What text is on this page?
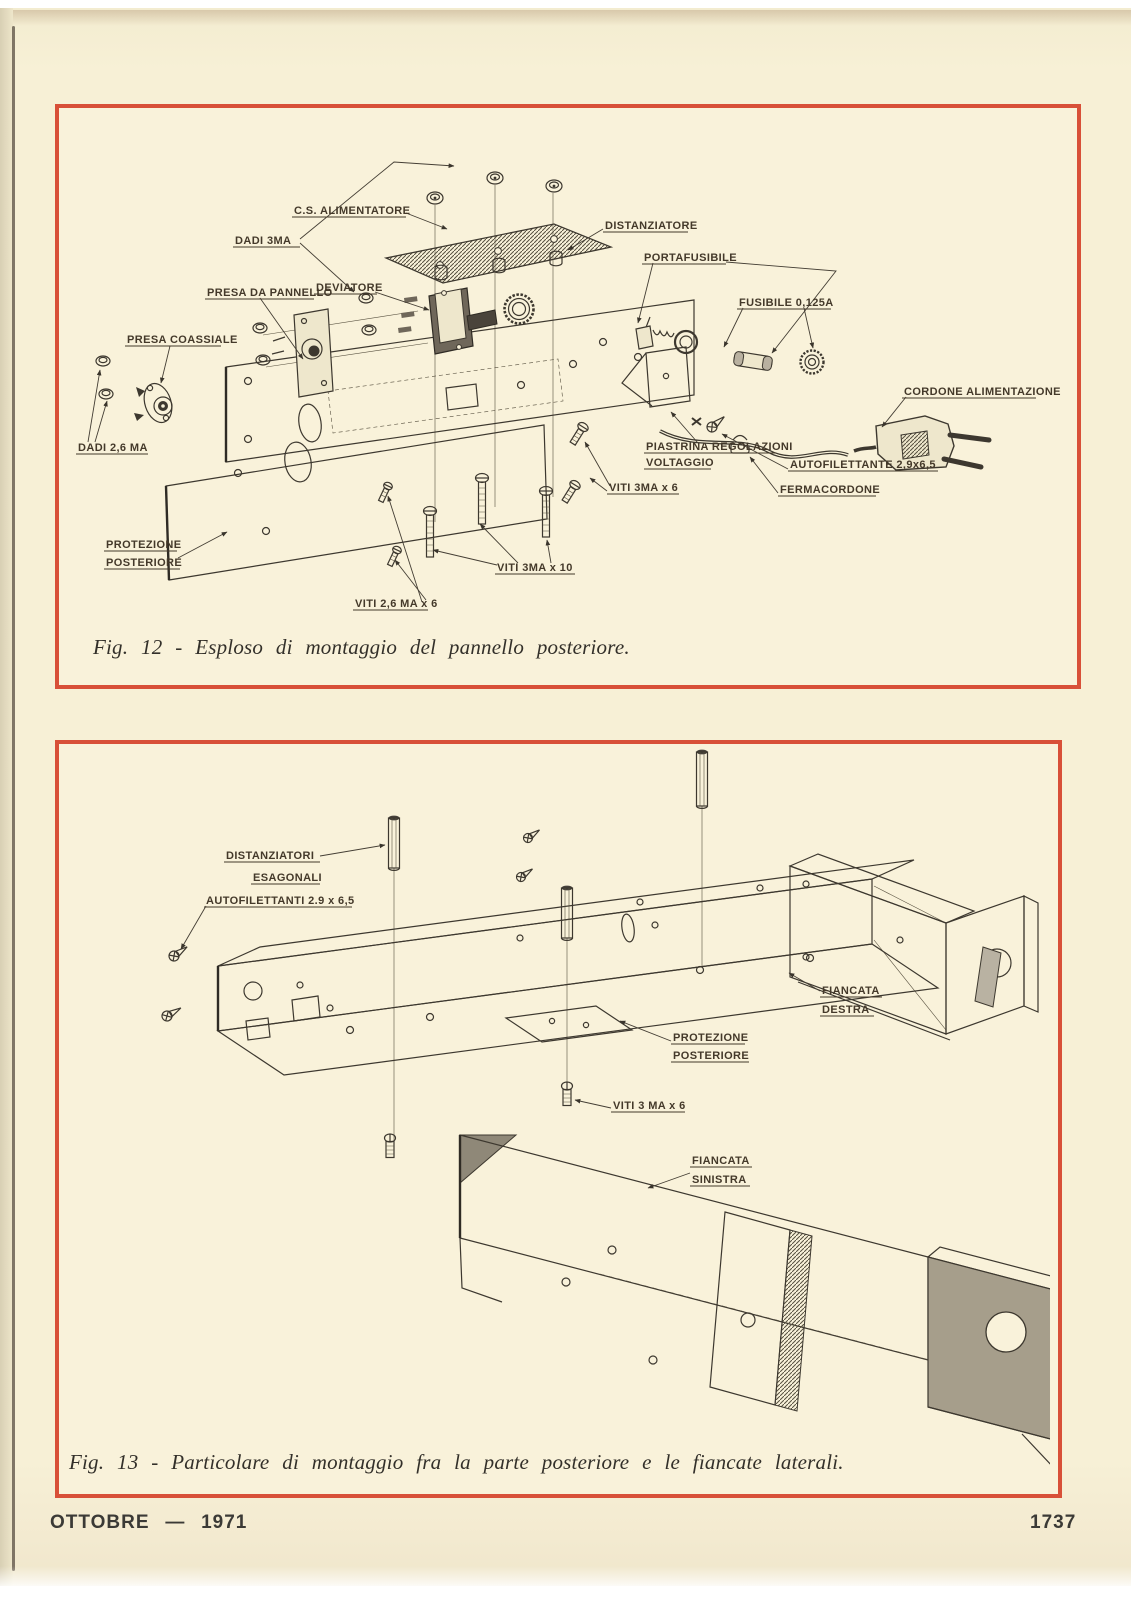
C.S. ALIMENTATORE
DADI 3MA
DISTANZIATORE
PORTAFUSIBILE
PRESA DA PANNELLO
DEVIATORE
FUSIBILE 0,125A
PRESA COASSIALE
CORDONE ALIMENTAZIONE
DADI 2,6 MA	PIASTRINA REGOLAZIONI
VOLTAGGIO	AUTOFILETTANTE 2,9x6,5
FERMACORDONE
VITI 3MA x 6
PROTEZIONE
POSTERIORE	VITI 3MA x 10
VITI 2,6 MA x 6
Fig. 12 - Esploso di montaggio del pannello posteriore.
DISTANZIATORI
ESAGONALI
AUTOFILETTANTI 2.9 x 6,5
FIANCATA
DESTRA
PROTEZIONE
POSTERIORE
VITI 3 MA x 6
FIANCATA
SINISTRA
Fig. 13 - Particolare di montaggio fra la parte posteriore e le fiancate laterali.
OTTOBRE — 1971	1737
